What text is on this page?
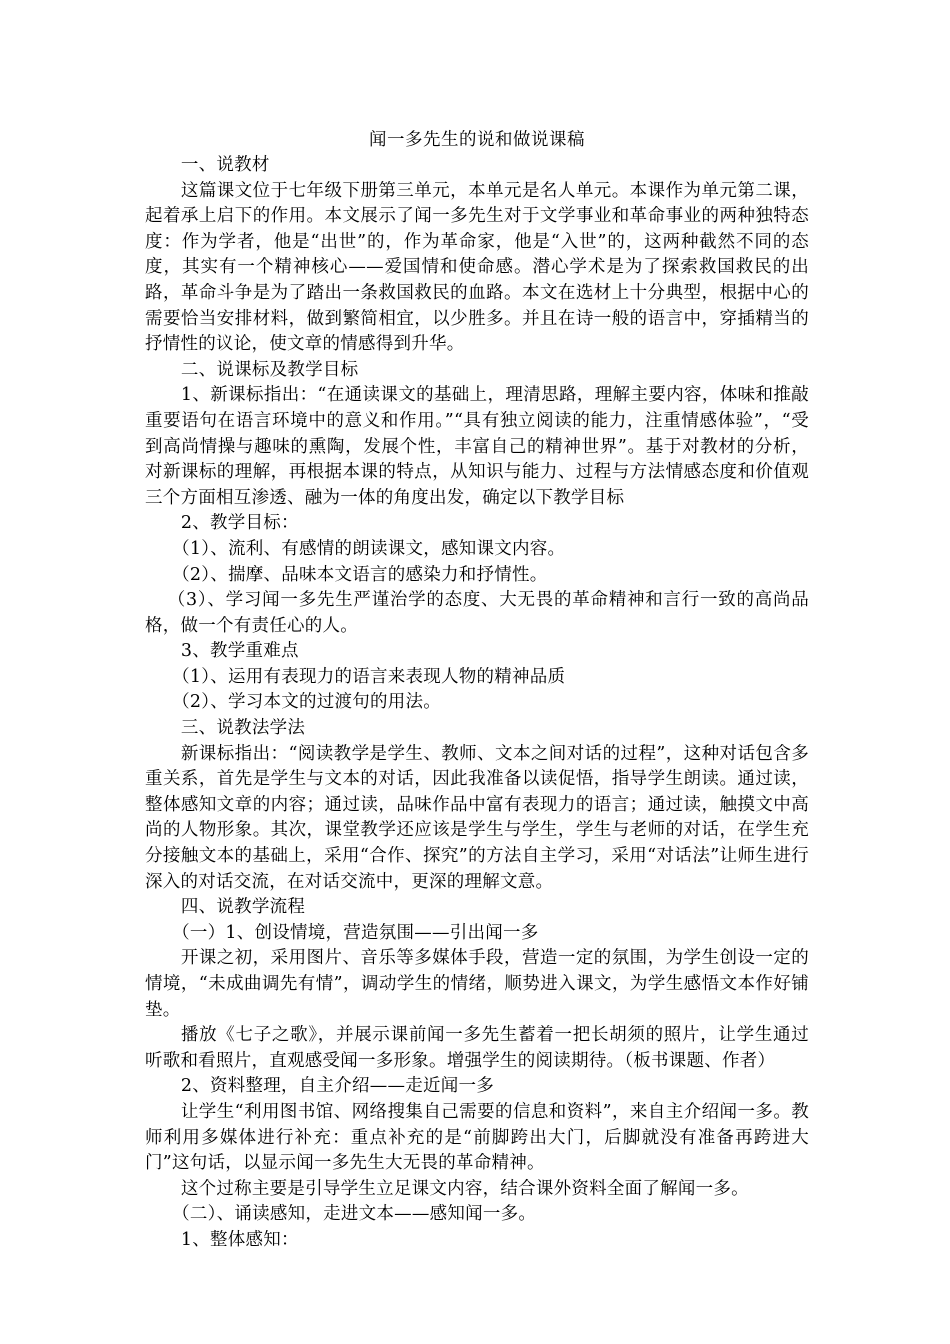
闻一多先生的说和做说课稿

一、说教材

这篇课文位于七年级下册第三单元，本单元是名人单元。本课作为单元第二课，起着承上启下的作用。本文展示了闻一多先生对于文学事业和革命事业的两种独特态度：作为学者，他是“出世”的，作为革命家，他是“入世”的，这两种截然不同的态度，其实有一个精神核心——爱国情和使命感。潜心学术是为了探索救国救民的出路，革命斗争是为了踏出一条救国救民的血路。本文在选材上十分典型，根据中心的需要恰当安排材料，做到繁简相宜，以少胜多。并且在诗一般的语言中，穿插精当的抒情性的议论，使文章的情感得到升华。

二、说课标及教学目标

1、新课标指出：“在通读课文的基础上，理清思路，理解主要内容，体味和推敲重要语句在语言环境中的意义和作用。”“具有独立阅读的能力，注重情感体验”，“受到高尚情操与趣味的熏陶，发展个性，丰富自己的精神世界”。基于对教材的分析，对新课标的理解，再根据本课的特点，从知识与能力、过程与方法情感态度和价值观三个方面相互渗透、融为一体的角度出发，确定以下教学目标

2、教学目标：

（1）、流利、有感情的朗读课文，感知课文内容。

（2）、揣摩、品味本文语言的感染力和抒情性。

（3）、学习闻一多先生严谨治学的态度、大无畏的革命精神和言行一致的高尚品格，做一个有责任心的人。

3、教学重难点

（1）、运用有表现力的语言来表现人物的精神品质

（2）、学习本文的过渡句的用法。

三、说教法学法

新课标指出：“阅读教学是学生、教师、文本之间对话的过程”，这种对话包含多重关系，首先是学生与文本的对话，因此我准备以读促悟，指导学生朗读。通过读，整体感知文章的内容；通过读，品味作品中富有表现力的语言；通过读，触摸文中高尚的人物形象。其次，课堂教学还应该是学生与学生，学生与老师的对话，在学生充分接触文本的基础上，采用“合作、探究”的方法自主学习，采用“对话法”让师生进行深入的对话交流，在对话交流中，更深的理解文意。

四、说教学流程

（一）1、创设情境，营造氛围——引出闻一多

开课之初，采用图片、音乐等多媒体手段，营造一定的氛围，为学生创设一定的情境，“未成曲调先有情”，调动学生的情绪，顺势进入课文，为学生感悟文本作好铺垫。

播放《七子之歌》，并展示课前闻一多先生蓄着一把长胡须的照片，让学生通过听歌和看照片，直观感受闻一多形象。增强学生的阅读期待。（板书课题、作者）

2、资料整理，自主介绍——走近闻一多

让学生“利用图书馆、网络搜集自己需要的信息和资料”，来自主介绍闻一多。教师利用多媒体进行补充：重点补充的是“前脚跨出大门，后脚就没有准备再跨进大门”这句话，以显示闻一多先生大无畏的革命精神。

这个过称主要是引导学生立足课文内容，结合课外资料全面了解闻一多。

（二）、诵读感知，走进文本——感知闻一多。

1、整体感知：
